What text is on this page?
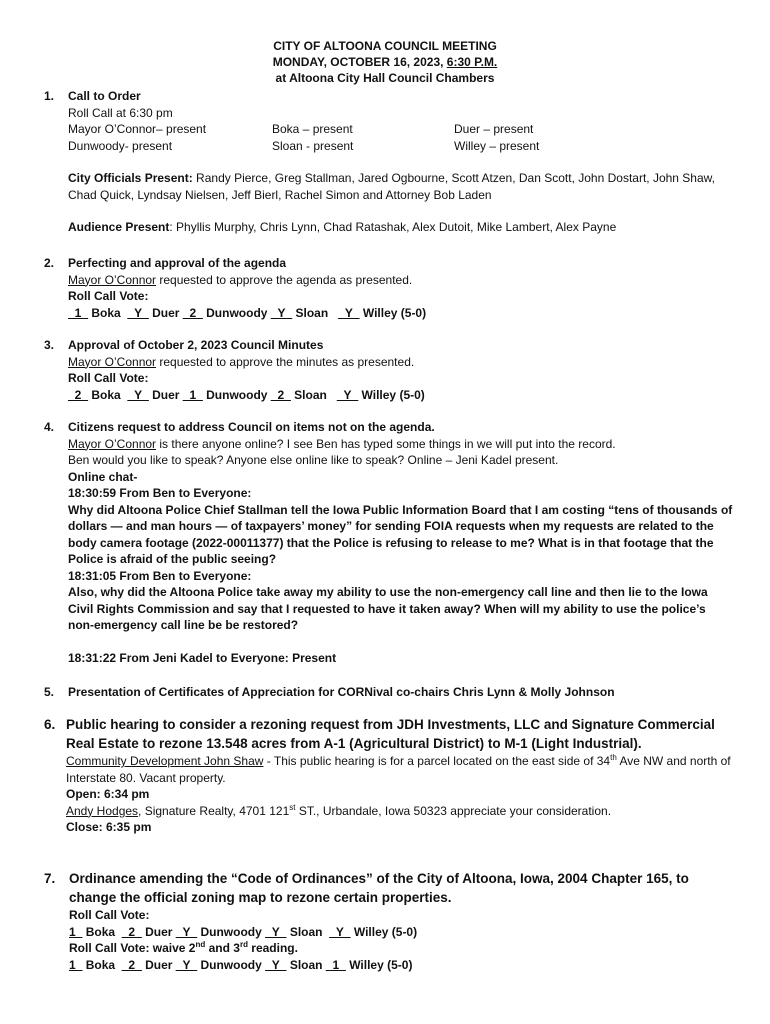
CITY OF ALTOONA COUNCIL MEETING
MONDAY, OCTOBER 16, 2023, 6:30 P.M.
at Altoona City Hall Council Chambers
1. Call to Order
Roll Call at 6:30 pm
Mayor O’Connor– present	Boka – present	Duer – present
Dunwoody- present	Sloan - present	Willey – present
City Officials Present: Randy Pierce, Greg Stallman, Jared Ogbourne, Scott Atzen, Dan Scott, John Dostart, John Shaw, Chad Quick, Lyndsay Nielsen, Jeff Bierl, Rachel Simon and Attorney Bob Laden
Audience Present: Phyllis Murphy, Chris Lynn, Chad Ratashak, Alex Dutoit, Mike Lambert, Alex Payne
2. Perfecting and approval of the agenda
Mayor O’Connor requested to approve the agenda as presented.
Roll Call Vote:
_1_ Boka  _Y_ Duer _2_ Dunwoody _Y_ Sloan   _Y_ Willey (5-0)
3. Approval of October 2, 2023 Council Minutes
Mayor O’Connor requested to approve the minutes as presented.
Roll Call Vote:
_2_ Boka  _Y_ Duer _1_ Dunwoody _2_ Sloan   _Y_ Willey (5-0)
4. Citizens request to address Council on items not on the agenda.
Mayor O’Connor is there anyone online? I see Ben has typed some things in we will put into the record.
Ben would you like to speak? Anyone else online like to speak? Online – Jeni Kadel present.
Online chat-
18:30:59 From Ben to Everyone:
Why did Altoona Police Chief Stallman tell the Iowa Public Information Board that I am costing “tens of thousands of dollars — and man hours — of taxpayers’ money” for sending FOIA requests when my requests are related to the body camera footage (2022-00011377) that the Police is refusing to release to me? What is in that footage that the Police is afraid of the public seeing?
18:31:05 From Ben to Everyone:
Also, why did the Altoona Police take away my ability to use the non-emergency call line and then lie to the Iowa Civil Rights Commission and say that I requested to have it taken away? When will my ability to use the police’s non-emergency call line be be restored?
18:31:22 From Jeni Kadel to Everyone: Present
5. Presentation of Certificates of Appreciation for CORNival co-chairs Chris Lynn & Molly Johnson
6. Public hearing to consider a rezoning request from JDH Investments, LLC and Signature Commercial Real Estate to rezone 13.548 acres from A-1 (Agricultural District) to M-1 (Light Industrial).
Community Development John Shaw - This public hearing is for a parcel located on the east side of 34th Ave NW and north of Interstate 80. Vacant property.
Open: 6:34 pm
Andy Hodges, Signature Realty, 4701 121st ST., Urbandale, Iowa 50323 appreciate your consideration.
Close: 6:35 pm
7. Ordinance amending the “Code of Ordinances” of the City of Altoona, Iowa, 2004 Chapter 165, to change the official zoning map to rezone certain properties.
Roll Call Vote:
1_ Boka  _2_ Duer _Y_ Dunwoody _Y_ Sloan  _Y_ Willey (5-0)
Roll Call Vote: waive 2nd and 3rd reading.
1_ Boka  _2_ Duer _Y_ Dunwoody _Y_ Sloan _1_ Willey (5-0)
